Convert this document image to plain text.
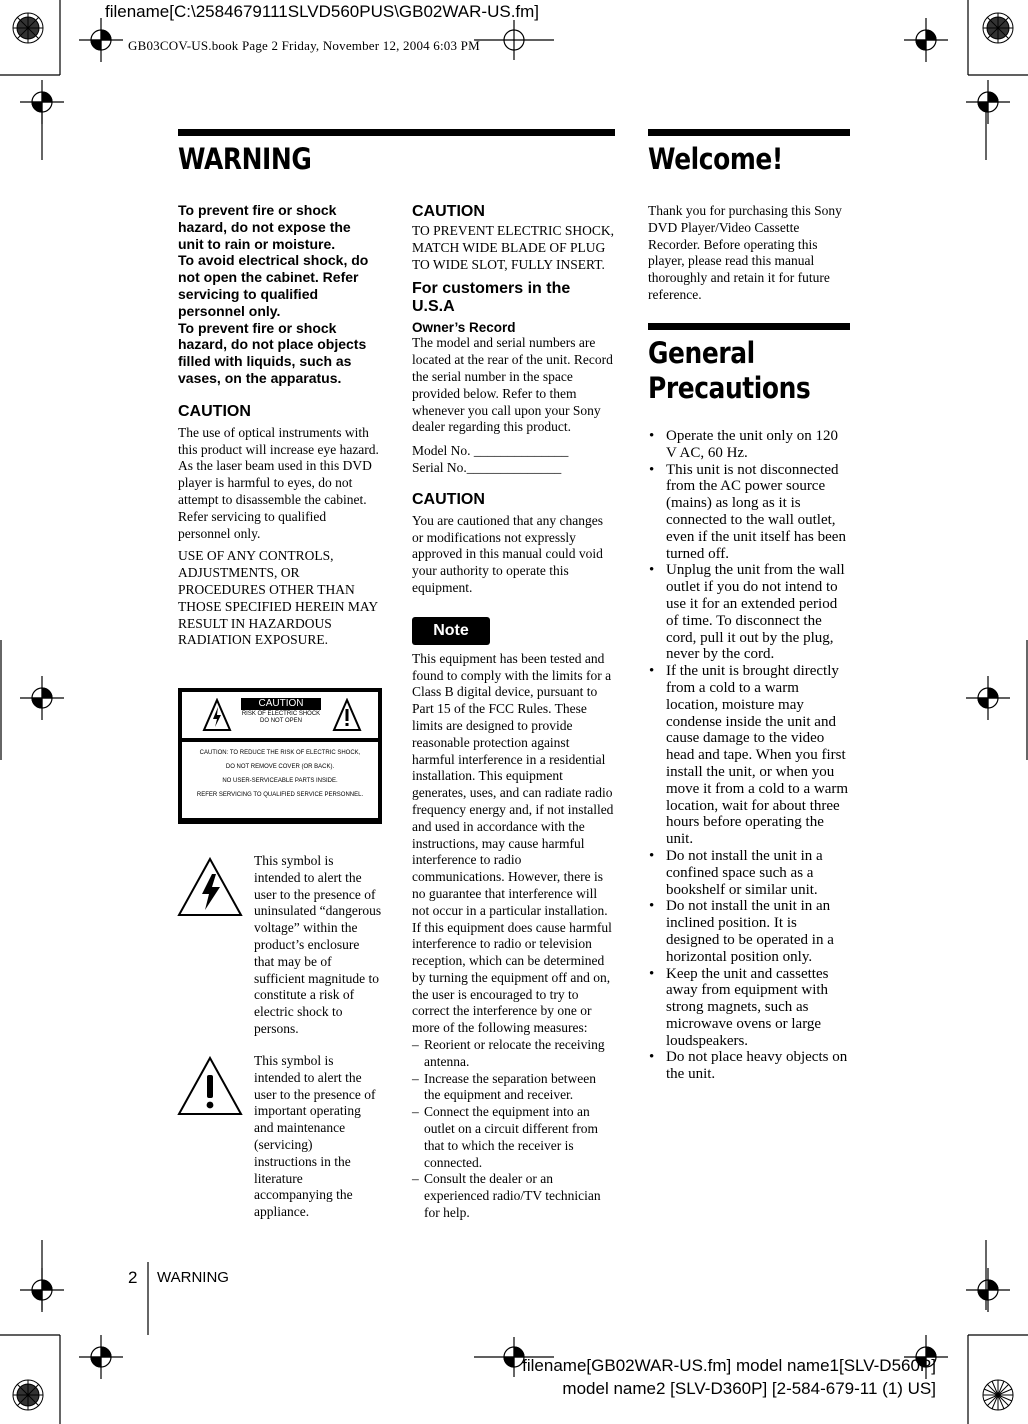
filename[C:\2584679111SLVD560PUS\GB02WAR-US.fm]
GB03COV-US.book Page 2 Friday, November 12, 2004 6:03 PM
WARNING
To prevent fire or shock hazard, do not expose the unit to rain or moisture.
To avoid electrical shock, do not open the cabinet. Refer servicing to qualified personnel only.
To prevent fire or shock hazard, do not place objects filled with liquids, such as vases, on the apparatus.
CAUTION
The use of optical instruments with this product will increase eye hazard. As the laser beam used in this DVD player is harmful to eyes, do not attempt to disassemble the cabinet.
Refer servicing to qualified personnel only.
USE OF ANY CONTROLS, ADJUSTMENTS, OR PROCEDURES OTHER THAN THOSE SPECIFIED HEREIN MAY RESULT IN HAZARDOUS RADIATION EXPOSURE.
CAUTION
RISK OF ELECTRIC SHOCK
DO NOT OPEN
CAUTION: TO REDUCE THE RISK OF ELECTRIC SHOCK,
DO NOT REMOVE COVER (OR BACK).
NO USER-SERVICEABLE PARTS INSIDE.
REFER SERVICING TO QUALIFIED SERVICE PERSONNEL.
This symbol is intended to alert the user to the presence of uninsulated “dangerous voltage” within the product’s enclosure that may be of sufficient magnitude to constitute a risk of electric shock to persons.
This symbol is intended to alert the user to the presence of important operating and maintenance (servicing) instructions in the literature accompanying the appliance.
CAUTION
TO PREVENT ELECTRIC SHOCK, MATCH WIDE BLADE OF PLUG TO WIDE SLOT, FULLY INSERT.
For customers in the U.S.A
Owner’s Record
The model and serial numbers are located at the rear of the unit. Record the serial number in the space provided below. Refer to them whenever you call upon your Sony dealer regarding this product.
Model No. ______________
Serial No.______________
CAUTION
You are cautioned that any changes or modifications not expressly approved in this manual could void your authority to operate this equipment.
Note
This equipment has been tested and found to comply with the limits for a Class B digital device, pursuant to Part 15 of the FCC Rules. These limits are designed to provide reasonable protection against harmful interference in a residential installation. This equipment generates, uses, and can radiate radio frequency energy and, if not installed and used in accordance with the instructions, may cause harmful interference to radio communications. However, there is no guarantee that interference will not occur in a particular installation. If this equipment does cause harmful interference to radio or television reception, which can be determined by turning the equipment off and on, the user is encouraged to try to correct the interference by one or more of the following measures:
– Reorient or relocate the receiving antenna.
– Increase the separation between the equipment and receiver.
– Connect the equipment into an outlet on a circuit different from that to which the receiver is connected.
– Consult the dealer or an experienced radio/TV technician for help.
Welcome!
Thank you for purchasing this Sony DVD Player/Video Cassette Recorder. Before operating this player, please read this manual thoroughly and retain it for future reference.
General
Precautions
• Operate the unit only on 120 V AC, 60 Hz.
• This unit is not disconnected from the AC power source (mains) as long as it is connected to the wall outlet, even if the unit itself has been turned off.
• Unplug the unit from the wall outlet if you do not intend to use it for an extended period of time. To disconnect the cord, pull it out by the plug, never by the cord.
• If the unit is brought directly from a cold to a warm location, moisture may condense inside the unit and cause damage to the video head and tape. When you first install the unit, or when you move it from a cold to a warm location, wait for about three hours before operating the unit.
• Do not install the unit in a confined space such as a bookshelf or similar unit.
• Do not install the unit in an inclined position. It is designed to be operated in a horizontal position only.
• Keep the unit and cassettes away from equipment with strong magnets, such as microwave ovens or large loudspeakers.
• Do not place heavy objects on the unit.
2 WARNING
filename[GB02WAR-US.fm] model name1[SLV-D560P]
model name2 [SLV-D360P] [2-584-679-11 (1) US]
